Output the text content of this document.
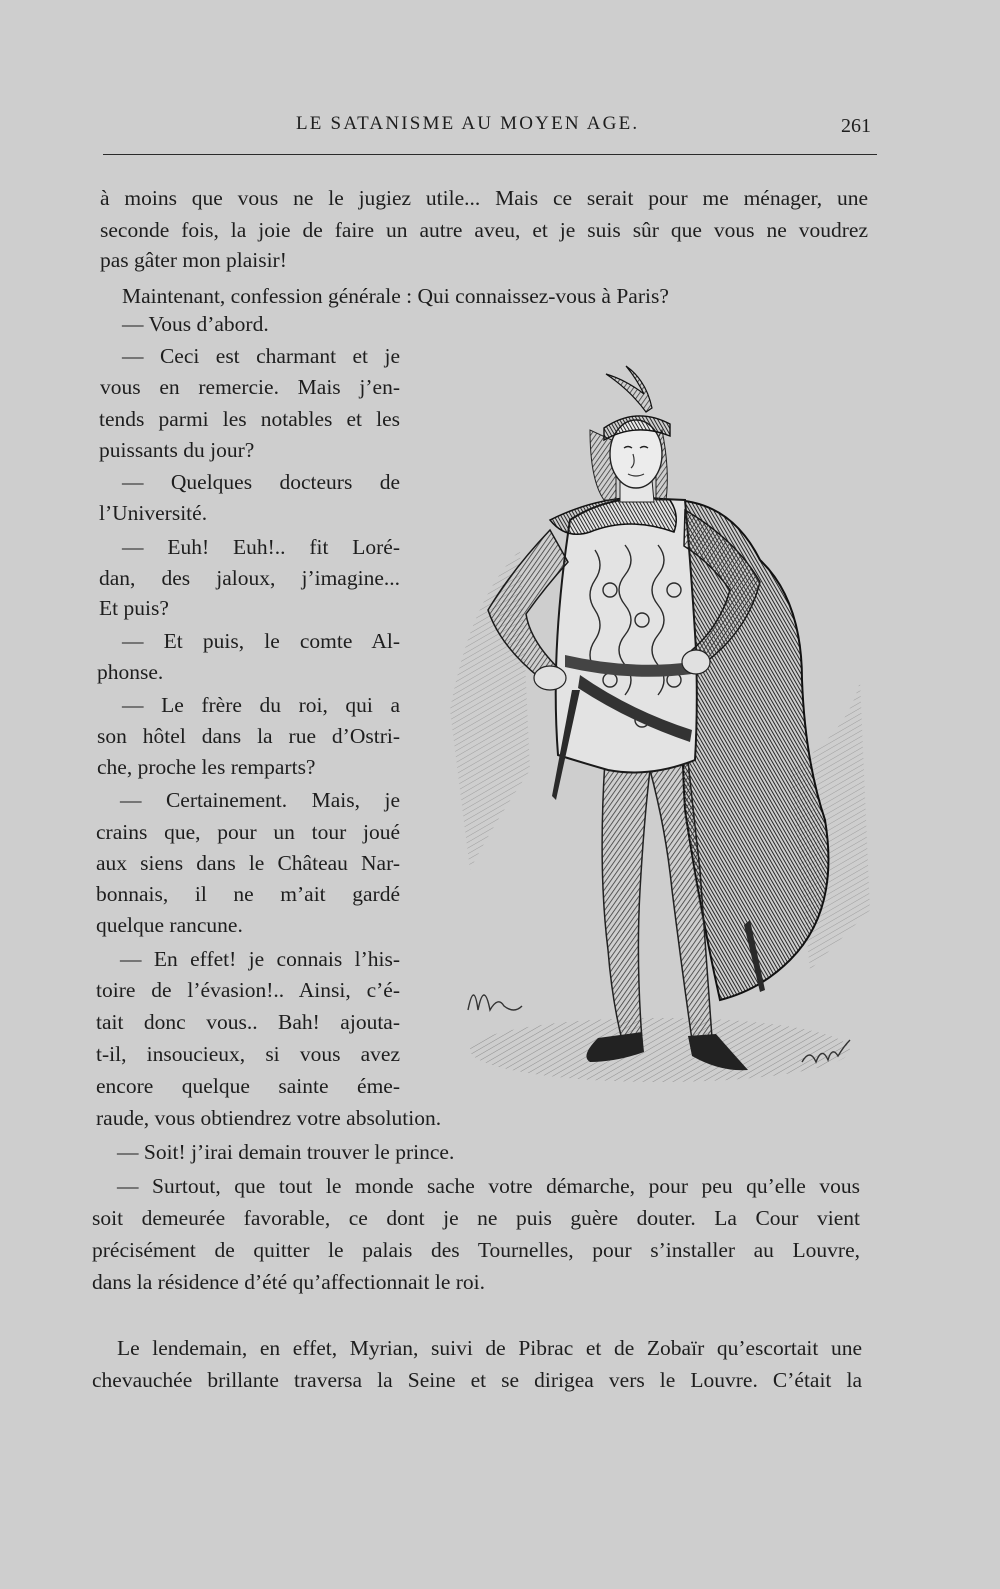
LE SATANISME AU MOYEN AGE.	261
à moins que vous ne le jugiez utile... Mais ce serait pour me ménager, une
seconde fois, la joie de faire un autre aveu, et je suis sûr que vous ne voudrez
pas gâter mon plaisir!
Maintenant, confession générale : Qui connaissez-vous à Paris?
— Vous d’abord.
— Ceci est charmant et je
vous en remercie. Mais j’en-
tends parmi les notables et les
puissants du jour?
— Quelques docteurs de
l’Université.
— Euh! Euh!.. fit Loré-
dan, des jaloux, j’imagine...
Et puis?
— Et puis, le comte Al-
phonse.
— Le frère du roi, qui a
son hôtel dans la rue d’Ostri-
che, proche les remparts?
— Certainement. Mais, je
crains que, pour un tour joué
aux siens dans le Château Nar-
bonnais, il ne m’ait gardé
quelque rancune.
— En effet! je connais l’his-
toire de l’évasion!.. Ainsi, c’é-
tait donc vous.. Bah! ajouta-
t-il, insoucieux, si vous avez
encore quelque sainte éme-
raude, vous obtiendrez votre absolution.
— Soit! j’irai demain trouver le prince.
— Surtout, que tout le monde sache votre démarche, pour peu qu’elle vous
soit demeurée favorable, ce dont je ne puis guère douter. La Cour vient
précisément de quitter le palais des Tournelles, pour s’installer au Louvre,
dans la résidence d’été qu’affectionnait le roi.
Le lendemain, en effet, Myrian, suivi de Pibrac et de Zobaïr qu’escortait une
chevauchée brillante traversa la Seine et se dirigea vers le Louvre. C’était la
